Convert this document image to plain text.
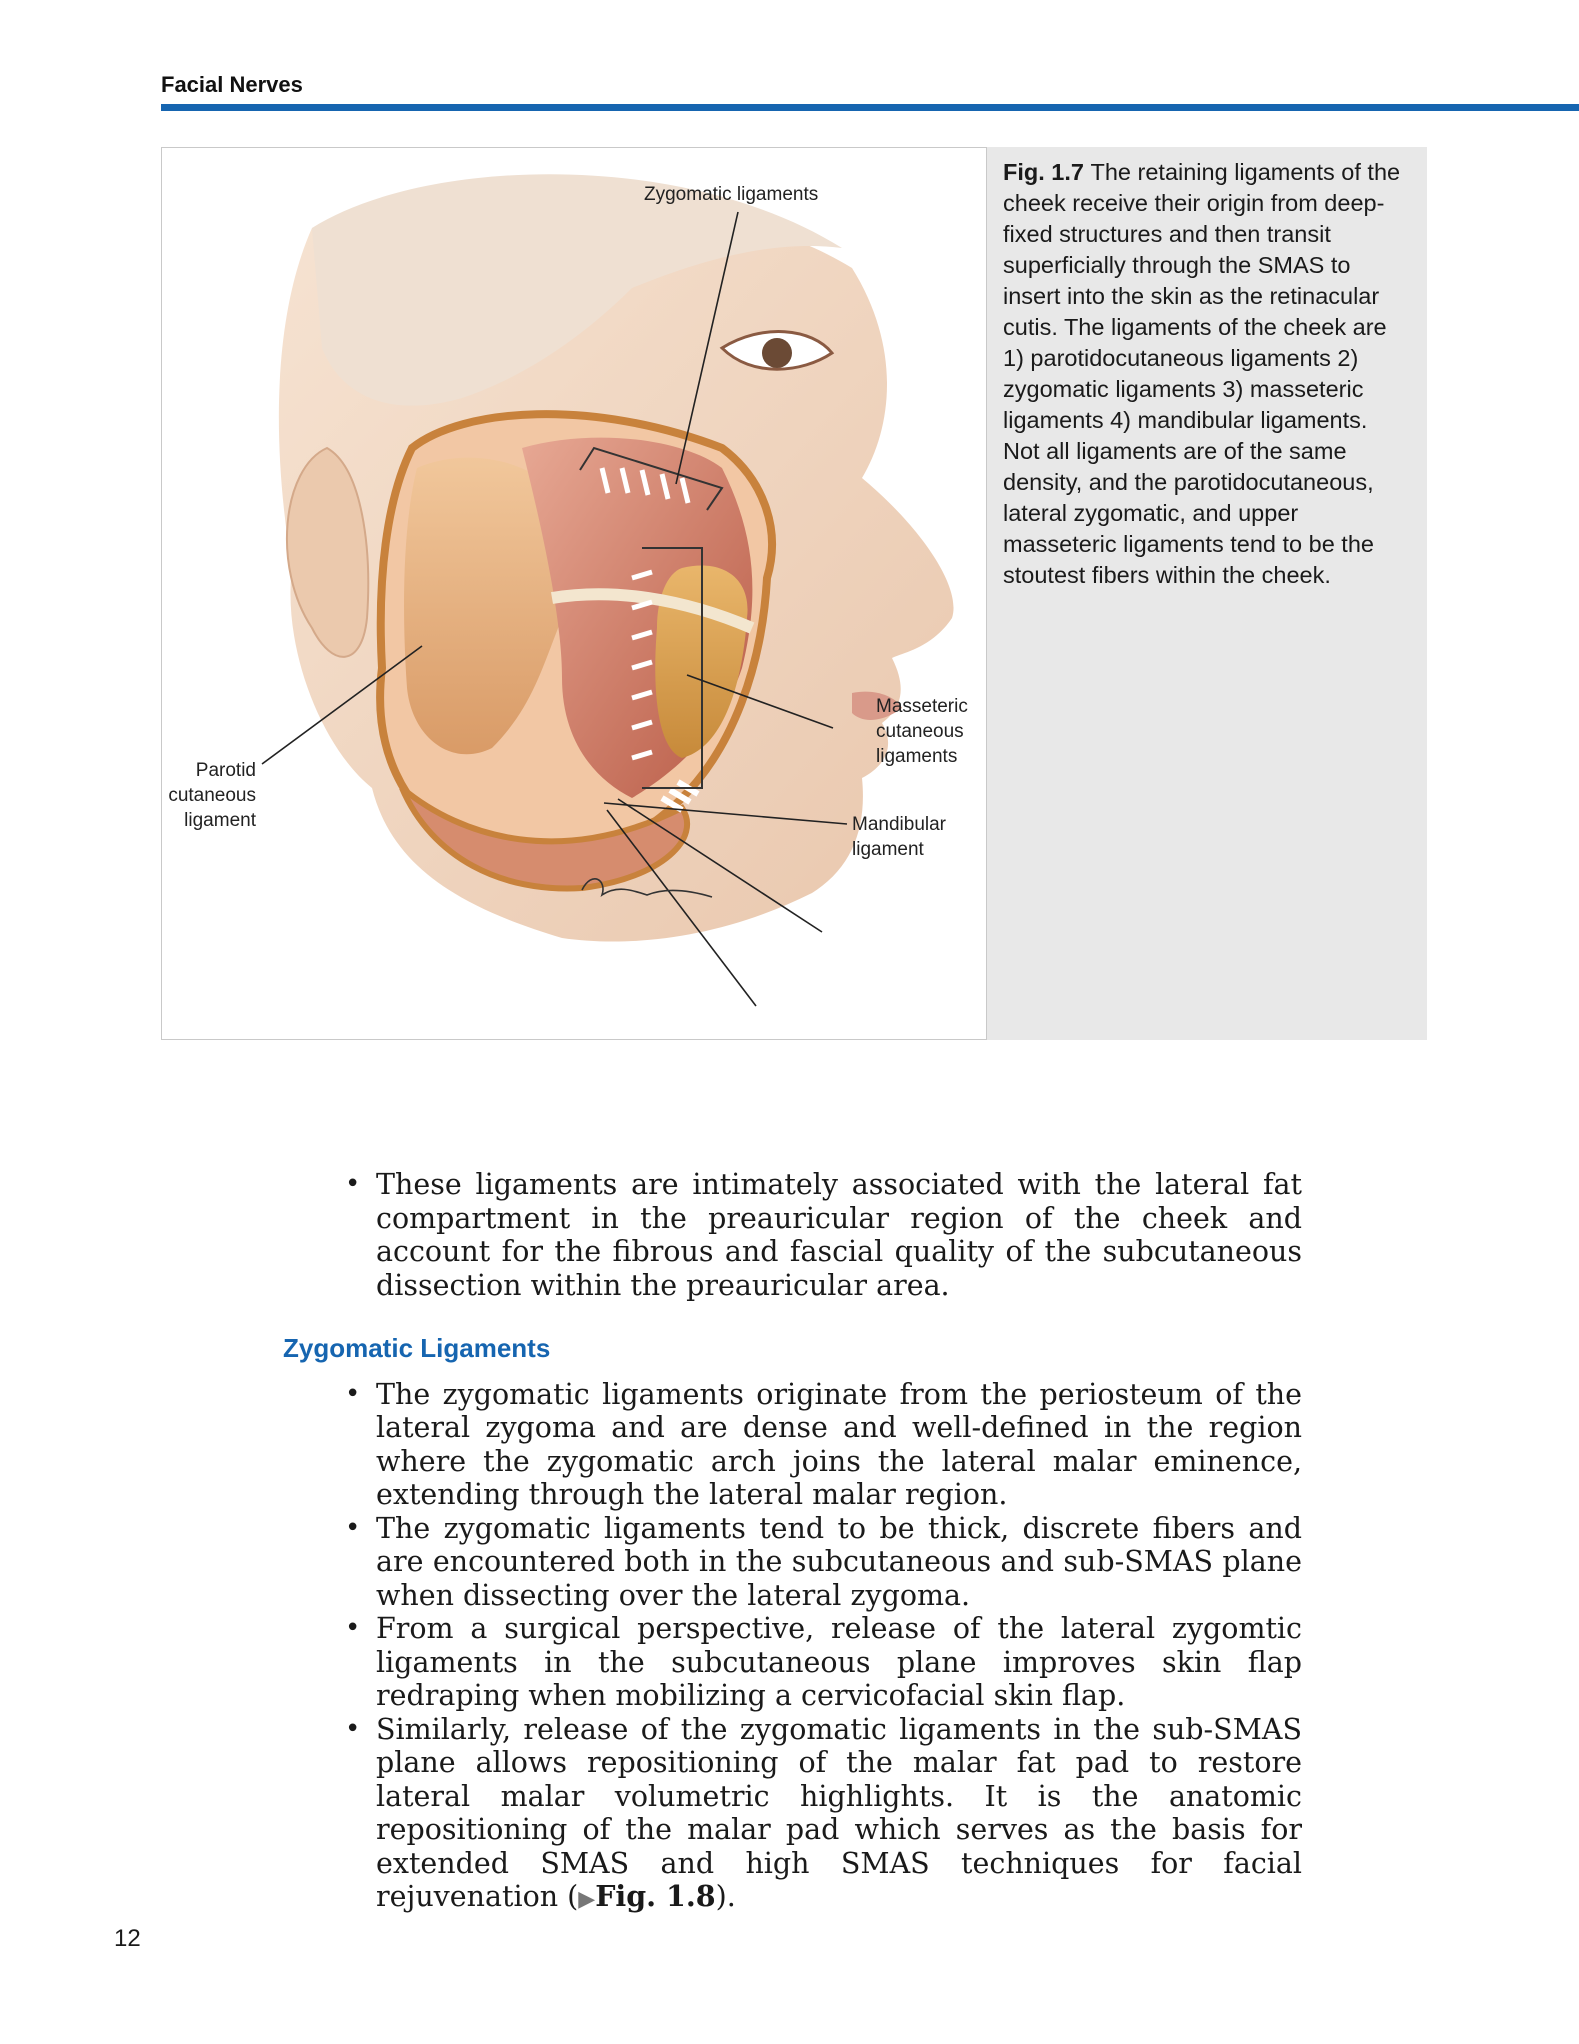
Facial Nerves
Zygomatic ligaments
Parotid
cutaneous
ligament
Masseteric
cutaneous
ligaments
Mandibular
ligament

Fig. 1.7 The retaining ligaments of the cheek receive their origin from deep-fixed structures and then transit superficially through the SMAS to insert into the skin as the retinacular cutis. The ligaments of the cheek are 1) parotidocutaneous ligaments 2) zygomatic ligaments 3) masseteric ligaments 4) mandibular ligaments.

Not all ligaments are of the same density, and the parotidocutaneous, lateral zygomatic, and upper masseteric ligaments tend to be the stoutest fibers within the cheek.

• These ligaments are intimately associated with the lateral fat compartment in the preauricular region of the cheek and account for the fibrous and fascial quality of the subcutaneous dissection within the preauricular area.
Zygomatic Ligaments
• The zygomatic ligaments originate from the periosteum of the lateral zygoma and are dense and well-defined in the region where the zygomatic arch joins the lateral malar eminence, extending through the lateral malar region.
• The zygomatic ligaments tend to be thick, discrete fibers and are encountered both in the subcutaneous and sub-SMAS plane when dissecting over the lateral zygoma.
• From a surgical perspective, release of the lateral zygomtic ligaments in the subcutaneous plane improves skin flap redraping when mobilizing a cervicofacial skin flap.
• Similarly, release of the zygomatic ligaments in the sub-SMAS plane allows repositioning of the malar fat pad to restore lateral malar volumetric highlights. It is the anatomic repositioning of the malar pad which serves as the basis for extended SMAS and high SMAS techniques for facial rejuvenation (▶Fig. 1.8).
12
